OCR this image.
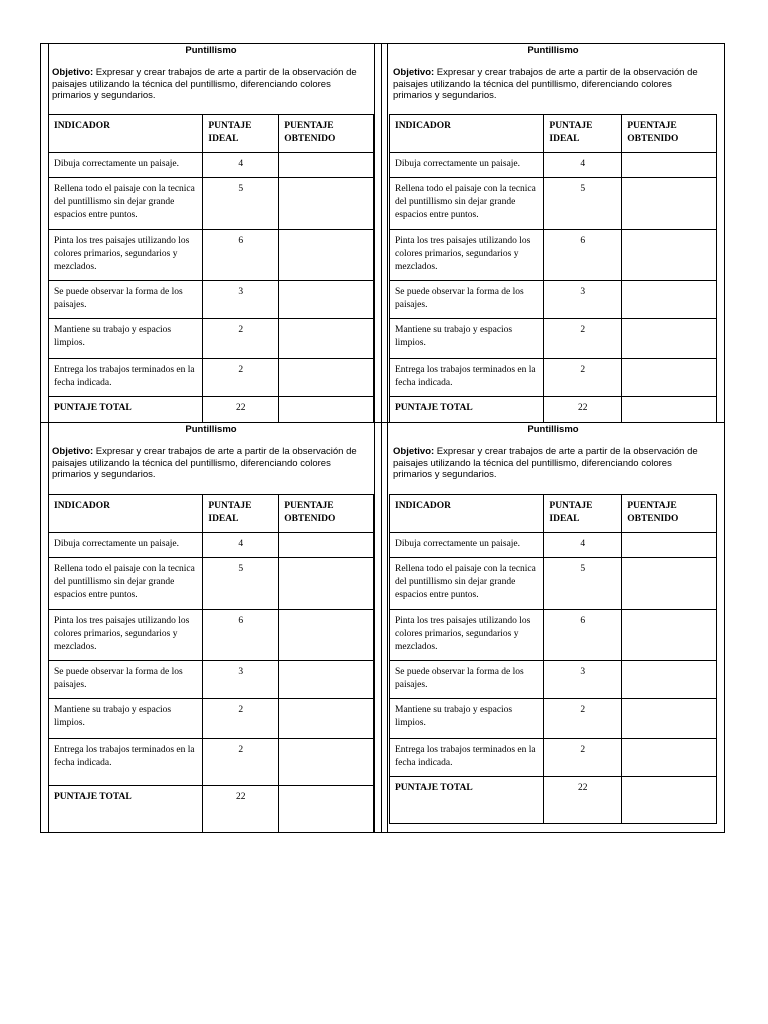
Puntillismo
Objetivo: Expresar y crear trabajos de arte a partir de la observación de paisajes utilizando la técnica del puntillismo, diferenciando colores primarios y segundarios.
INDICADOR	PUNTAJE IDEAL	PUENTAJE OBTENIDO
Dibuja correctamente un paisaje.	4	
Rellena todo el paisaje con la tecnica del puntillismo sin dejar grande espacios entre puntos.	5	
Pinta los tres paisajes utilizando los colores primarios, segundarios y mezclados.	6	
Se puede observar la forma de los paisajes.	3	
Mantiene su trabajo y espacios limpios.	2	
Entrega los trabajos terminados en la fecha indicada.	2	
PUNTAJE TOTAL	22	
Puntillismo
Objetivo: Expresar y crear trabajos de arte a partir de la observación de paisajes utilizando la técnica del puntillismo, diferenciando colores primarios y segundarios.
INDICADOR	PUNTAJE IDEAL	PUENTAJE OBTENIDO
Dibuja correctamente un paisaje.	4	
Rellena todo el paisaje con la tecnica del puntillismo sin dejar grande espacios entre puntos.	5	
Pinta los tres paisajes utilizando los colores primarios, segundarios y mezclados.	6	
Se puede observar la forma de los paisajes.	3	
Mantiene su trabajo y espacios limpios.	2	
Entrega los trabajos terminados en la fecha indicada.	2	
PUNTAJE TOTAL	22	
Puntillismo
Objetivo: Expresar y crear trabajos de arte a partir de la observación de paisajes utilizando la técnica del puntillismo, diferenciando colores primarios y segundarios.
INDICADOR	PUNTAJE IDEAL	PUENTAJE OBTENIDO
Dibuja correctamente un paisaje.	4	
Rellena todo el paisaje con la tecnica del puntillismo sin dejar grande espacios entre puntos.	5	
Pinta los tres paisajes utilizando los colores primarios, segundarios y mezclados.	6	
Se puede observar la forma de los paisajes.	3	
Mantiene su trabajo y espacios limpios.	2	
Entrega los trabajos terminados en la fecha indicada.	2	
PUNTAJE TOTAL	22	
Puntillismo
Objetivo: Expresar y crear trabajos de arte a partir de la observación de paisajes utilizando la técnica del puntillismo, diferenciando colores primarios y segundarios.
INDICADOR	PUNTAJE IDEAL	PUENTAJE OBTENIDO
Dibuja correctamente un paisaje.	4	
Rellena todo el paisaje con la tecnica del puntillismo sin dejar grande espacios entre puntos.	5	
Pinta los tres paisajes utilizando los colores primarios, segundarios y mezclados.	6	
Se puede observar la forma de los paisajes.	3	
Mantiene su trabajo y espacios limpios.	2	
Entrega los trabajos terminados en la fecha indicada.	2	
PUNTAJE TOTAL	22	
